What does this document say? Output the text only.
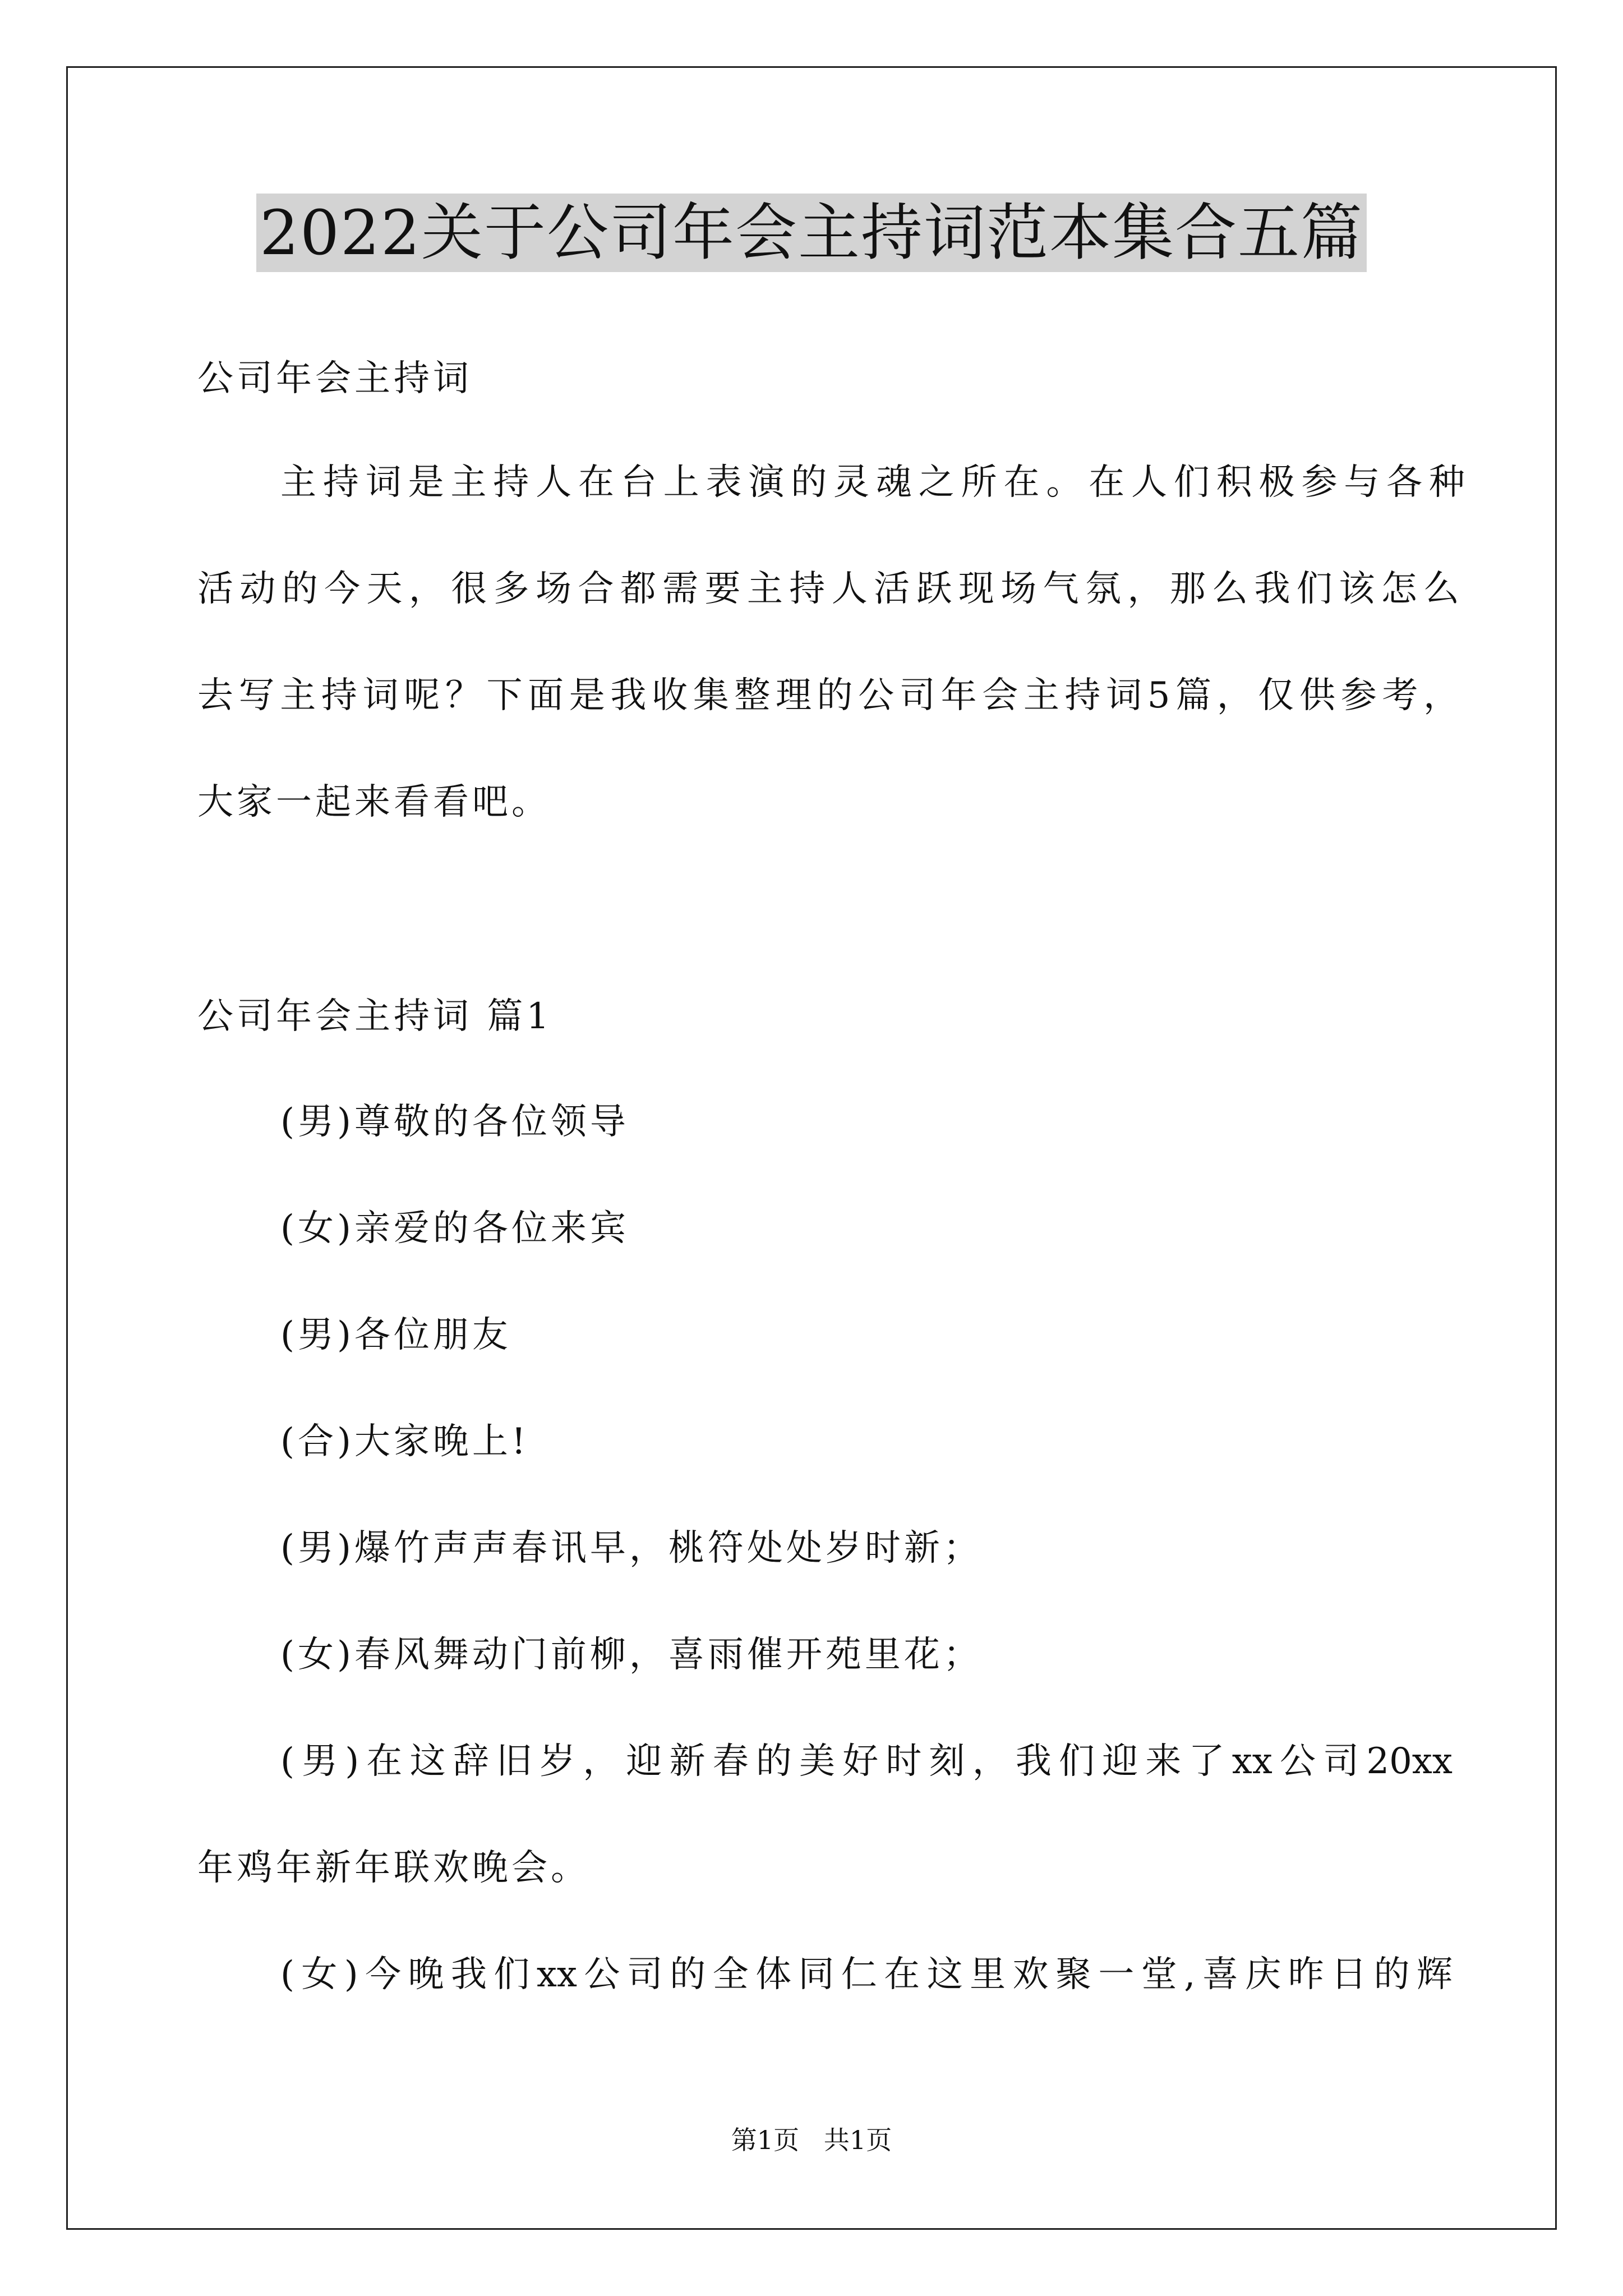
2022关于公司年会主持词范本集合五篇
公司年会主持词
主持词是主持人在台上表演的灵魂之所在。在人们积极参与各种
活动的今天，很多场合都需要主持人活跃现场气氛，那么我们该怎么
去写主持词呢？下面是我收集整理的公司年会主持词5篇，仅供参考，
大家一起来看看吧。
公司年会主持词 篇1
(男)尊敬的各位领导
(女)亲爱的各位来宾
(男)各位朋友
(合)大家晚上!
(男)爆竹声声春讯早，桃符处处岁时新；
(女)春风舞动门前柳，喜雨催开苑里花；
(男)在这辞旧岁，迎新春的美好时刻，我们迎来了xx公司20xx
年鸡年新年联欢晚会。
(女)今晚我们xx公司的全体同仁在这里欢聚一堂,喜庆昨日的辉
第1页   共1页
